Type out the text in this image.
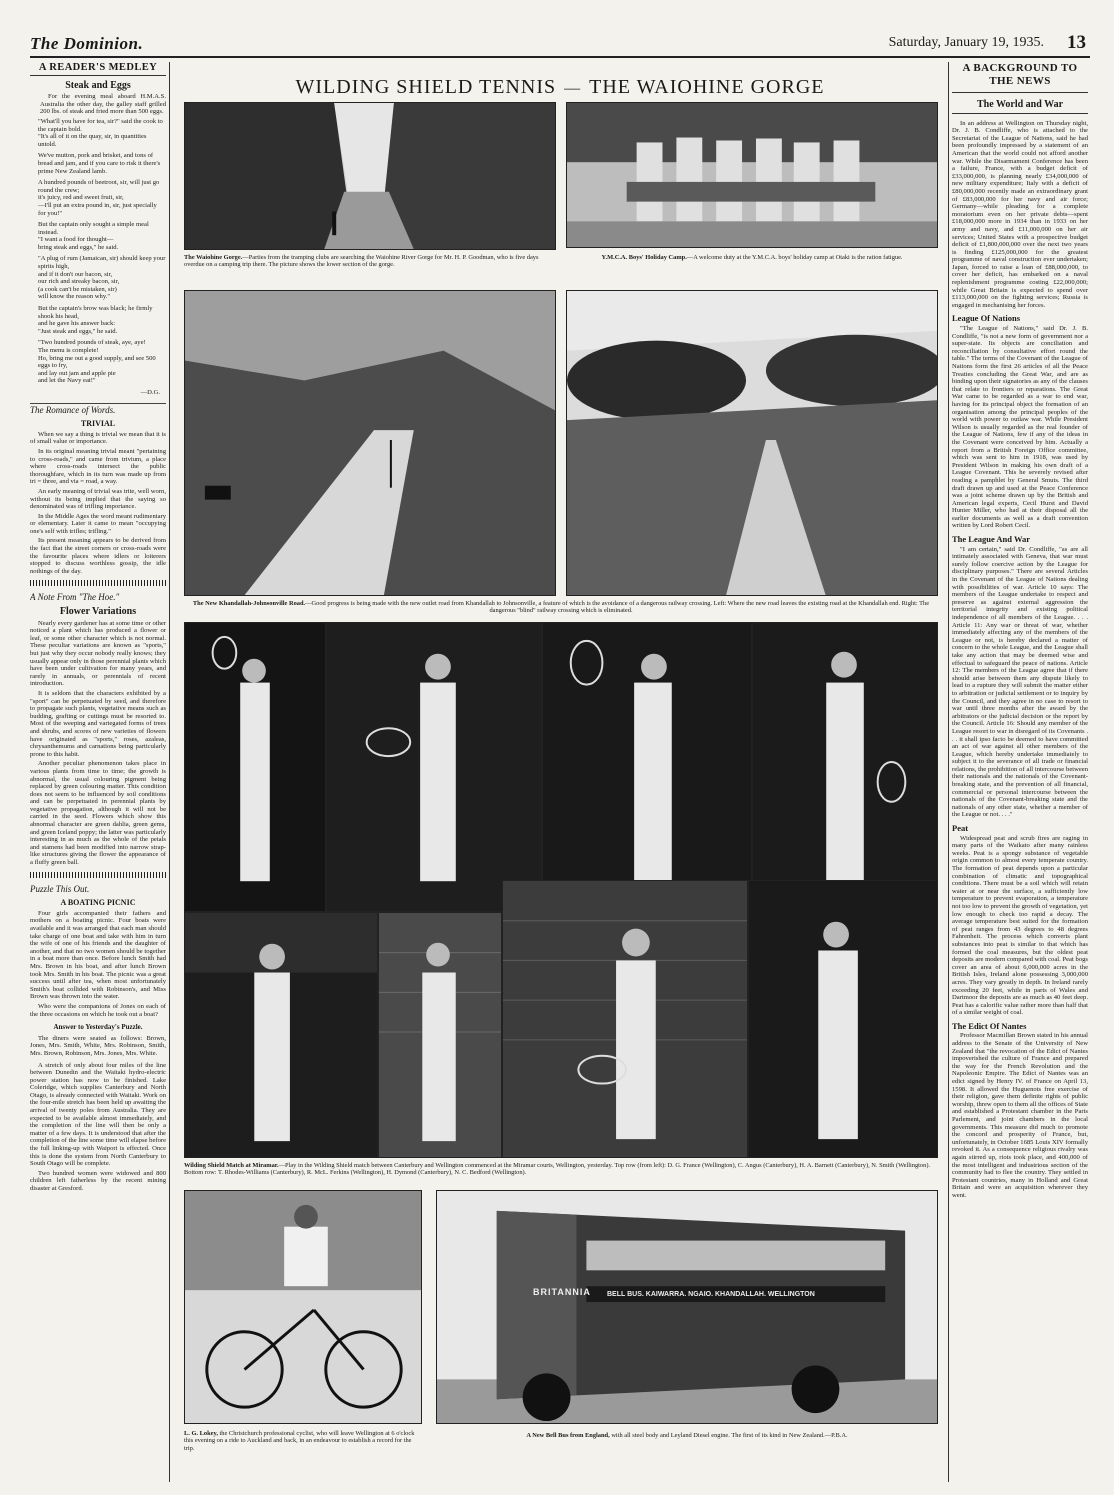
The Dominion.	Saturday, January 19, 1935. 13
A READER'S MEDLEY
Steak and Eggs
For the evening meal aboard H.M.A.S. Australia the other day, the galley staff grilled 200 lbs. of steak and fried more than 500 eggs.
"What'll you have for tea, sir?" said the cook to the captain bold.
"It's all of it on the quay, sir, in quantities untold.
We've mutton, pork and brisket, and tons of bread and jam, and if you care to risk it there's prime New Zealand lamb.
A hundred pounds of beetroot, sir, will just go round the crew;
it's juicy, red and sweet fruit, sir,
—I'll put an extra pound in, sir, just specially for you!"
But the captain only sought a simple meal instead.
"I want a food for thought—
bring steak and eggs," he said.
"A plug of rum (Jamaican, sir) should keep your spirits high,
and if it don't our bacon, sir,
our rich and streaky bacon, sir,
(a cook can't be mistaken, sir)
will know the reason why."
But the captain's brow was black; he firmly shook his head,
and he gave his answer back:
"Just steak and eggs," he said.
"Two hundred pounds of steak, aye, aye!
The menu is complete!
Ho, bring me out a good supply, and see 500 eggs to fry,
and lay out jam and apple pie
and let the Navy eat!"
—D.G.
The Romance of Words.
TRIVIAL
When we say a thing is trivial we mean that it is of small value or importance.
In its original meaning trivial meant "pertaining to cross-roads," and came from trivium, a place where cross-roads intersect the public thoroughfare, which in its turn was made up from tri = three, and via = road, a way.
An early meaning of trivial was trite, well worn, without its being implied that the saying so denominated was of trifling importance.
In the Middle Ages the word meant rudimentary or elementary. Later it came to mean "occupying one's self with trifles; trifling."
Its present meaning appears to be derived from the fact that the street corners or cross-roads were the favourite places where idlers or loiterers stopped to discuss worthless gossip, the idle nothings of the day.
A Note From "The Hoe."
Flower Variations
Nearly every gardener has at some time or other noticed a plant which has produced a flower or leaf, or some other character which is not normal. These peculiar variations are known as "sports," but just why they occur nobody really knows; they usually appear only in those perennial plants which have been under cultivation for many years, and rarely in annuals, or perennials of recent introduction.
It is seldom that the characters exhibited by a "sport" can be perpetuated by seed, and therefore to propagate such plants, vegetative means such as budding, grafting or cuttings must be resorted to. Most of the weeping and variegated forms of trees and shrubs, and scores of new varieties of flowers have originated as "sports," roses, azaleas, chrysanthemums and carnations being particularly prone to this habit.
Another peculiar phenomenon takes place in various plants from time to time; the growth is abnormal, the usual colouring pigment being replaced by green colouring matter. This condition does not seem to be influenced by soil conditions and can be perpetuated in perennial plants by vegetative propagation, although it will not be carried in the seed. Flowers which show this abnormal character are green dahlia, green gems, and green Iceland poppy; the latter was particularly interesting in as much as the whole of the petals and stamens had been modified into narrow strap-like structures giving the flower the appearance of a fluffy green ball.
Puzzle This Out.
A BOATING PICNIC
Four girls accompanied their fathers and mothers on a boating picnic. Four boats were available and it was arranged that each man should take charge of one boat and take with him in turn the wife of one of his friends and the daughter of another, and that no two women should be together in a boat more than once. Before lunch Smith had Mrs. Brown in his boat, and after lunch Brown took Mrs. Smith in his boat. The picnic was a great success until after tea, when most unfortunately Smith's boat collided with Robinson's, and Miss Brown was thrown into the water.
Who were the companions of Jones on each of the three occasions on which he took out a boat?
Answer to Yesterday's Puzzle.
The diners were seated as follows: Brown, Jones, Mrs. Smith, White, Mrs. Robinson, Smith, Mrs. Brown, Robinson, Mrs. Jones, Mrs. White.
A stretch of only about four miles of the line between Dunedin and the Waitaki hydro-electric power station has now to be finished. Lake Coleridge, which supplies Canterbury and North Otago, is already connected with Waitaki. Work on the four-mile stretch has been held up awaiting the arrival of twenty poles from Australia. They are expected to be available almost immediately, and the completion of the line will then be only a matter of a few days. It is understood that after the completion of the line some time will elapse before the full linking-up with Waipori is effected. Once this is done the system from North Canterbury to South Otago will be complete.
Two hundred women were widowed and 800 children left fatherless by the recent mining disaster at Gresford.
WILDING SHIELD TENNIS — THE WAIOHINE GORGE
The Waiohine Gorge.—Parties from the tramping clubs are searching the Waiohine River Gorge for Mr. H. P. Goodman, who is five days overdue on a camping trip there. The picture shows the lower section of the gorge.
Y.M.C.A. Boys' Holiday Camp.—A welcome duty at the Y.M.C.A. boys' holiday camp at Otaki is the ration fatigue.
The New Khandallah-Johnsonville Road.—Good progress is being made with the new outlet road from Khandallah to Johnsonville, a feature of which is the avoidance of a dangerous railway crossing. Left: Where the new road leaves the existing road at the Khandallah end. Right: The dangerous "blind" railway crossing which is eliminated.
Wilding Shield Match at Miramar.—Play in the Wilding Shield match between Canterbury and Wellington commenced at the Miramar courts, Wellington, yesterday. Top row (from left): D. G. France (Wellington), C. Angus (Canterbury), H. A. Barnett (Canterbury), N. Smith (Wellington). Bottom row: T. Rhodes-Williams (Canterbury), R. McL. Ferkins (Wellington), H. Dymond (Canterbury), N. C. Bedford (Wellington).
L. G. Lokey, the Christchurch professional cyclist, who will leave Wellington at 6 o'clock this evening on a ride to Auckland and back, in an endeavour to establish a record for the trip.
BRITANNIA BELL BUS. KAIWARRA. NGAIO. KHANDALLAH. WELLINGTON
A New Bell Bus from England, with all steel body and Leyland Diesel engine. The first of its kind in New Zealand.—P.B.A.
A BACKGROUND TO THE NEWS
The World and War
In an address at Wellington on Thursday night, Dr. J. B. Condliffe, who is attached to the Secretariat of the League of Nations, said he had been profoundly impressed by a statement of an American that the world could not afford another war. While the Disarmament Conference has been a failure, France, with a budget deficit of £33,000,000, is planning nearly £34,000,000 of new military expenditure; Italy with a deficit of £80,000,000 recently made an extraordinary grant of £83,000,000 for her navy and air force; Germany—while pleading for a complete moratorium even on her private debts—spent £18,000,000 more in 1934 than in 1933 on her army and navy, and £11,000,000 on her air services; United States with a prospective budget deficit of £1,800,000,000 over the next two years is finding £125,000,000 for the greatest programme of naval construction ever undertaken; Japan, forced to raise a loan of £88,000,000, to cover her deficit, has embarked on a naval replenishment programme costing £22,000,000; while Great Britain is expected to spend over £113,000,000 on the fighting services; Russia is engaged in mechanising her forces.
League Of Nations
"The League of Nations," said Dr. J. B. Condliffe, "is not a new form of government nor a super-state. Its objects are conciliation and reconciliation by consultative effort round the table." The terms of the Covenant of the League of Nations form the first 26 articles of all the Peace Treaties concluding the Great War, and are as binding upon their signatories as any of the clauses that relate to frontiers or reparations. The Great War came to be regarded as a war to end war, having for its principal object the formation of an organisation among the principal peoples of the world with power to outlaw war. While President Wilson is usually regarded as the real founder of the League of Nations, few if any of the ideas in the Covenant were conceived by him. Actually a report from a British Foreign Office committee, which was sent to him in 1918, was used by President Wilson in making his own draft of a League Covenant. This he severely revised after reading a pamphlet by General Smuts. The third draft drawn up and used at the Peace Conference was a joint scheme drawn up by the British and American legal experts, Cecil Hurst and David Hunter Miller, who had at their disposal all the earlier documents as well as a draft convention written by Lord Robert Cecil.
The League And War
"I am certain," said Dr. Condliffe, "as are all intimately associated with Geneva, that war must surely follow coercive action by the League for disciplinary purposes." There are several Articles in the Covenant of the League of Nations dealing with possibilities of war. Article 10 says: The members of the League undertake to respect and preserve as against external aggression the territorial integrity and existing political independence of all members of the League. . . . Article 11: Any war or threat of war, whether immediately affecting any of the members of the League or not, is hereby declared a matter of concern to the whole League, and the League shall take any action that may be deemed wise and effectual to safeguard the peace of nations. Article 12: The members of the League agree that if there should arise between them any dispute likely to lead to a rupture they will submit the matter either to arbitration or judicial settlement or to inquiry by the Council, and they agree in no case to resort to war until three months after the award by the arbitrators or the judicial decision or the report by the Council. Article 16: Should any member of the League resort to war in disregard of its Covenants . . . it shall ipso facto be deemed to have committed an act of war against all other members of the League, which hereby undertake immediately to subject it to the severance of all trade or financial relations, the prohibition of all intercourse between their nationals and the nationals of the Covenant-breaking state, and the prevention of all financial, commercial or personal intercourse between the nationals of the Covenant-breaking state and the nationals of any other state, whether a member of the League or not. . . ."
Peat
Widespread peat and scrub fires are raging in many parts of the Waikato after many rainless weeks. Peat is a spongy substance of vegetable origin common to almost every temperate country. The formation of peat depends upon a particular combination of climatic and topographical conditions. There must be a soil which will retain water at or near the surface, a sufficiently low temperature to prevent evaporation, a temperature not too low to prevent the growth of vegetation, yet low enough to check too rapid a decay. The average temperature best suited for the formation of peat ranges from 43 degrees to 48 degrees Fahrenheit. The process which converts plant substances into peat is similar to that which has formed the coal measures, but the oldest peat deposits are modern compared with coal. Peat bogs cover an area of about 6,000,000 acres in the British Isles, Ireland alone possessing 3,000,000 acres. They vary greatly in depth. In Ireland rarely exceeding 20 feet, while in parts of Wales and Dartmoor the deposits are as much as 40 feet deep. Peat has a calorific value rather more than half that of a similar weight of coal.
The Edict Of Nantes
Professor Macmillan Brown stated in his annual address to the Senate of the University of New Zealand that "the revocation of the Edict of Nantes impoverished the culture of France and prepared the way for the French Revolution and the Napoleonic Empire. The Edict of Nantes was an edict signed by Henry IV. of France on April 13, 1598. It allowed the Huguenots free exercise of their religion, gave them definite rights of public worship, threw open to them all the offices of State and established a Protestant chamber in the Paris Parlement, and joint chambers in the local governments. This measure did much to promote the concord and prosperity of France, but, unfortunately, in October 1685 Louis XIV formally revoked it. As a consequence religious rivalry was again stirred up, riots took place, and 400,000 of the most intelligent and industrious section of the community had to flee the country. They settled in Protestant countries, many in Holland and Great Britain and were an acquisition wherever they went.
